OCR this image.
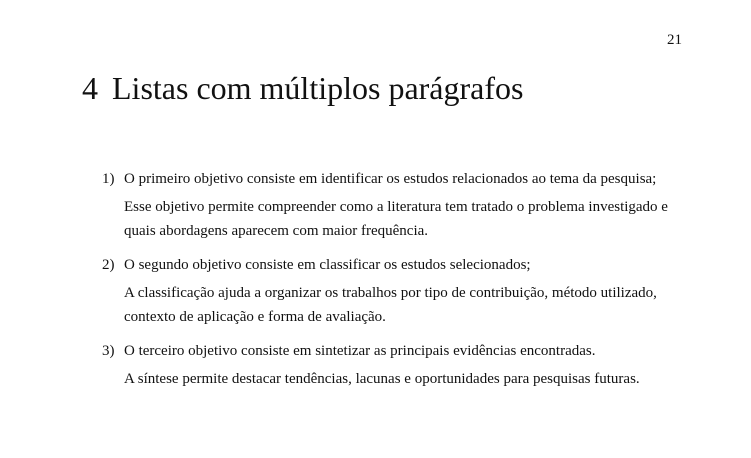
21
4 Listas com múltiplos parágrafos
1) O primeiro objetivo consiste em identificar os estudos relacionados ao tema da pesquisa;

Esse objetivo permite compreender como a literatura tem tratado o problema investigado e quais abordagens aparecem com maior frequência.

2) O segundo objetivo consiste em classificar os estudos selecionados;

A classificação ajuda a organizar os trabalhos por tipo de contribuição, método utilizado, contexto de aplicação e forma de avaliação.

3) O terceiro objetivo consiste em sintetizar as principais evidências encontradas.

A síntese permite destacar tendências, lacunas e oportunidades para pesquisas futuras.
